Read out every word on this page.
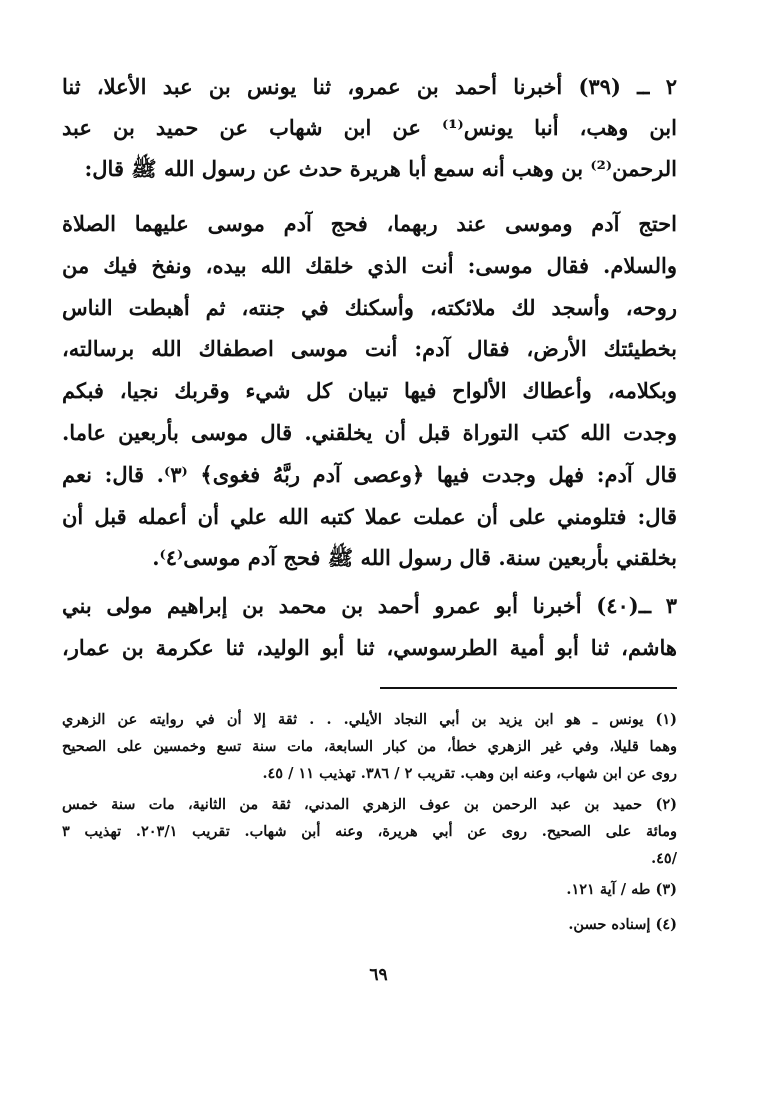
٢ ــ (٣٩) أخبرنا أحمد بن عمرو، ثنا يونس بن عبد الأعلا، ثنا
ابن وهب، أنبا يونس⁽¹⁾ عن ابن شهاب عن حميد بن عبد
الرحمن⁽²⁾ بن وهب أنه سمع أبا هريرة حدث عن رسول الله ﷺ قال:
احتج آدم وموسى عند ربهما، فحج آدم موسى عليهما الصلاة
والسلام. فقال موسى: أنت الذي خلقك الله بيده، ونفخ فيك من
روحه، وأسجد لك ملائكته، وأسكنك في جنته، ثم أهبطت الناس
بخطيئتك الأرض، فقال آدم: أنت موسى اصطفاك الله برسالته،
وبكلامه، وأعطاك الألواح فيها تبيان كل شيء وقربك نجيا، فبكم
وجدت الله كتب التوراة قبل أن يخلقني. قال موسى بأربعين عاما.
قال آدم: فهل وجدت فيها ﴿وعصى آدم ربَّهُ فغوى﴾ ⁽٣⁾. قال: نعم
قال: فتلومني على أن عملت عملا كتبه الله علي أن أعمله قبل أن
بخلقني بأربعين سنة. قال رسول الله ﷺ فحج آدم موسى⁽٤⁾.
٣ ــ(٤٠) أخبرنا أبو عمرو أحمد بن محمد بن إبراهيم مولى بني
هاشم، ثنا أبو أمية الطرسوسي، ثنا أبو الوليد، ثنا عكرمة بن عمار،
(١) يونس ـ هو ابن يزيد بن أبي النجاد الأيلي. . . ثقة إلا أن في روايته عن الزهري
وهما قليلا، وفي غير الزهري خطأ، من كبار السابعة، مات سنة تسع وخمسين على الصحيح
روى عن ابن شهاب، وعنه ابن وهب. تقريب ٢ / ٣٨٦. تهذيب ١١ / ٤٥.
(٢) حميد بن عبد الرحمن بن عوف الزهري المدني، ثقة من الثانية، مات سنة خمس
ومائة على الصحيح. روى عن أبي هريرة، وعنه أبن شهاب. تقريب ٢٠٣/١. تهذيب ٣
/٤٥.
(٣) طه / آية ١٢١.
(٤) إسناده حسن.
٦٩
